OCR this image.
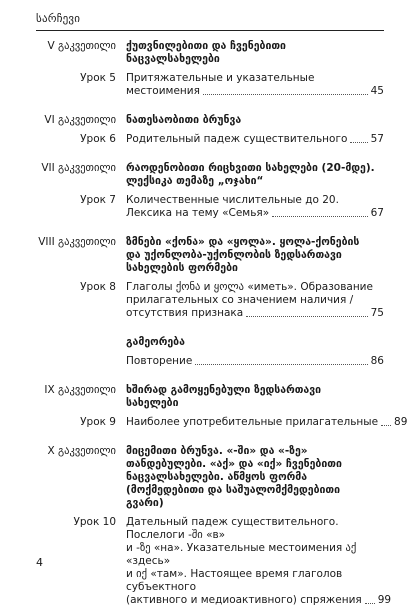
სარჩევი
V გაკვეთილი ქუთვნილებითი და ჩვენებითი
ნაცვალსახელები
Урок 5 Притяжательные и указательные
местоимения	45
VI გაკვეთილი ნათესაობითი ბრუნვა
Урок 6 Родительный падеж существительного 57
VII გაკვეთილი რაოდენობითი რიცხვითი სახელები (20-მდე).
ლექსიკა თემაზე „ოჯახი“
Урок 7 Количественные числительные до 20.
Лексика на тему «Семья»	67
VIII გაკვეთილი ზმნები «ქონა» და «ყოლა». ყოლა-ქონების
და უქონლობა-უქონლობის ზედსართავი
სახელების ფორმები
Урок 8 Глаголы ქონა и ყოლა «иметь». Образование
прилагательных со значением наличия /
отсутствия признака	75
გამეორება
Повторение	86
IX გაკვეთილი ხშირად გამოყენებული ზედსართავი
სახელები
Урок 9 Наиболее употребительные прилагательные 89
X გაკვეთილი მიცემითი ბრუნვა. «-ში» და «-ზე»
თანდებულები. «აქ» და «იქ» ჩვენებითი
ნაცვალსახელები. აწმყოს ფორმა
(მოქმედებითი და საშუალომქმედებითი
გვარი)
Урок 10 Дательный падеж существительного. Послелоги -ში «в»
и -ზე «на». Указательные местоимения აქ «здесь»
и იქ «там». Настоящее время глаголов субъектного
(активного и медиоактивного) спряжения 99
4
